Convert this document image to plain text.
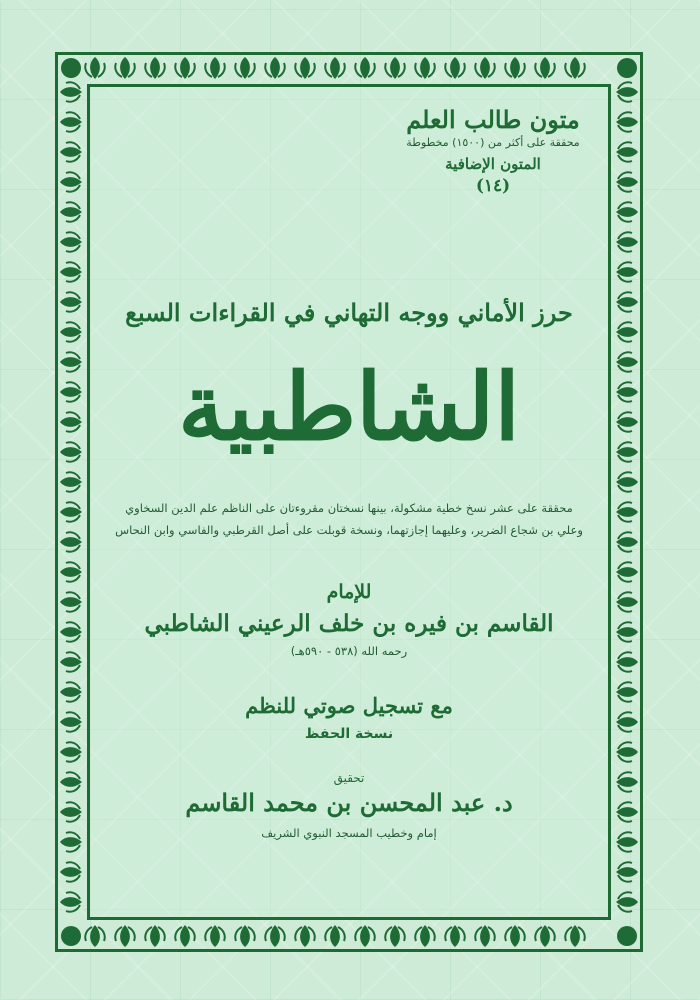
متون طالب العلم
محققة على أكثر من (١٥٠٠) مخطوطة
المتون الإضافية
(١٤)
حرز الأماني ووجه التهاني في القراءات السبع
الشاطبية
محققة على عشر نسخ خطية مشكولة، بينها نسختان مقروءتان على الناظم علم الدين السخاوي
وعلي بن شجاع الضرير، وعليهما إجازتهما، ونسخة قوبلت على أصل القرطبي والفاسي وابن النحاس
للإمام
القاسم بن فيره بن خلف الرعيني الشاطبي
رحمه الله (٥٣٨ - ٥٩٠هـ)
مع تسجيل صوتي للنظم
نسخة الحفظ
تحقيق
د. عبد المحسن بن محمد القاسم
إمام وخطيب المسجد النبوي الشريف
